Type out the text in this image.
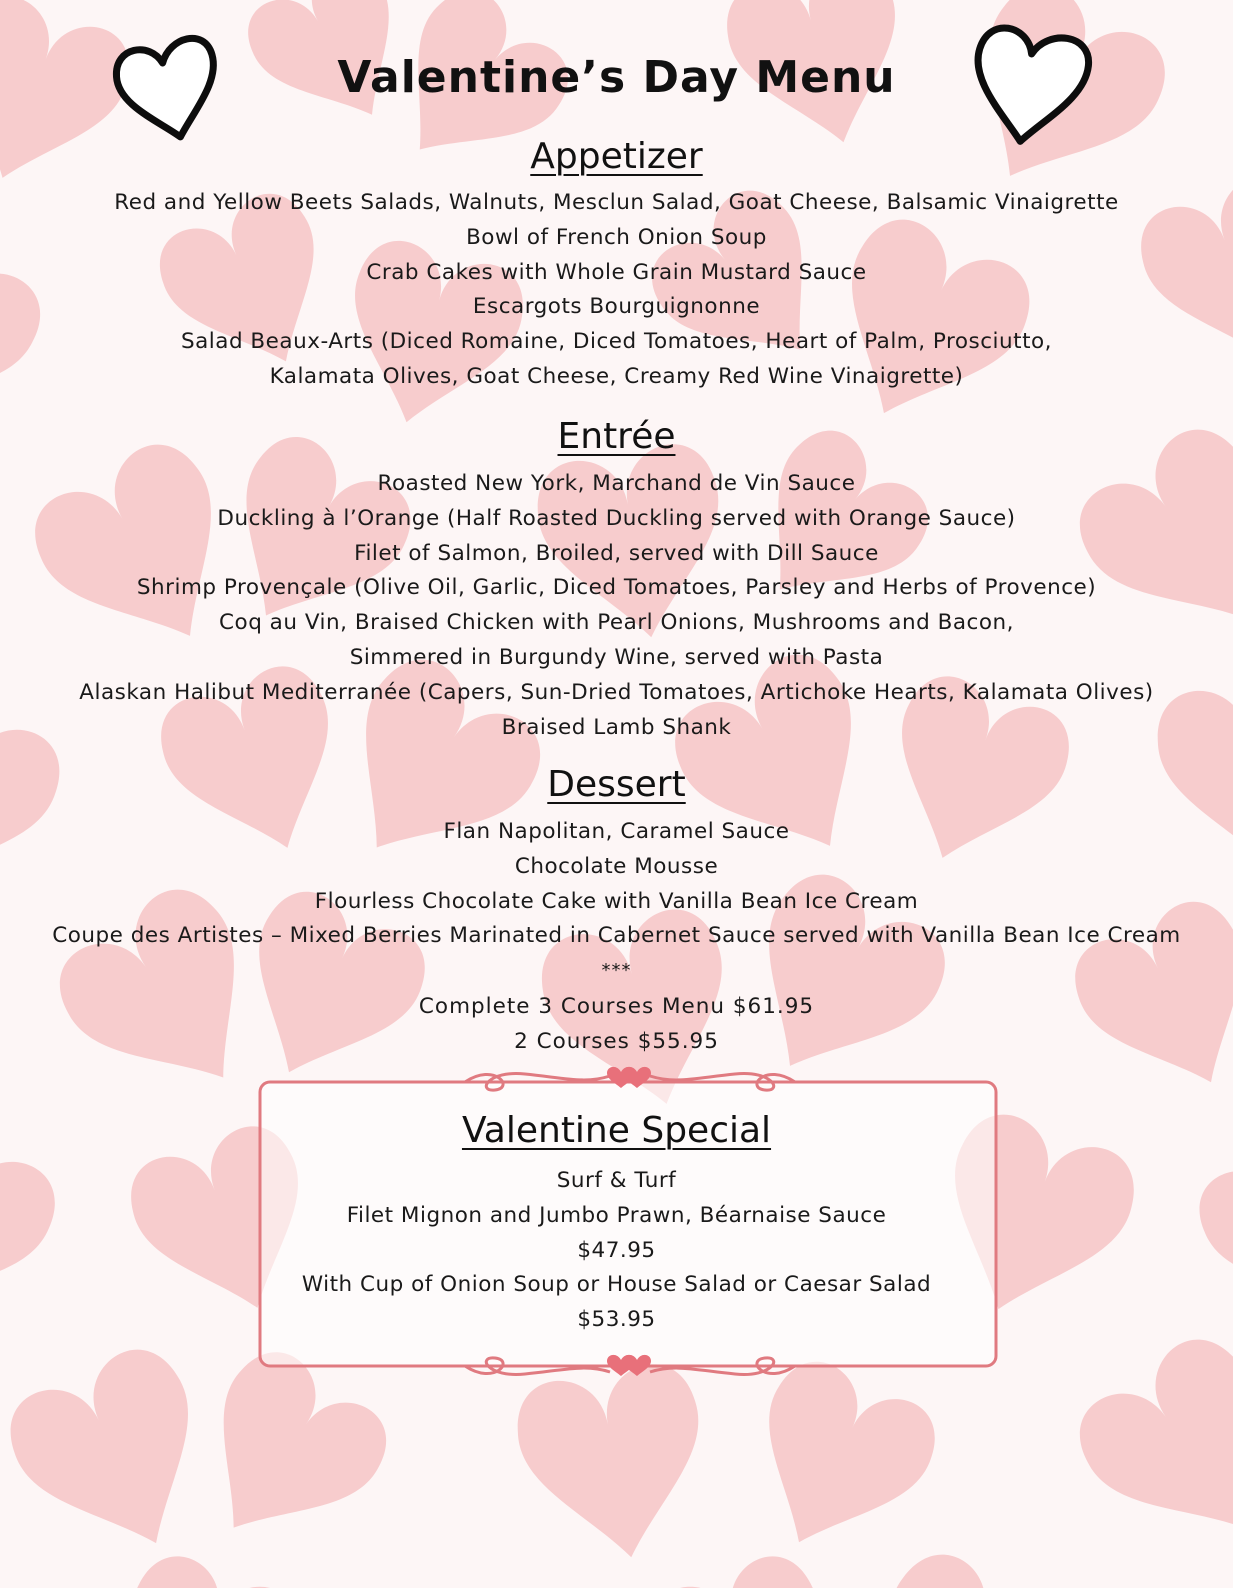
Valentine’s Day Menu
Appetizer
Red and Yellow Beets Salads, Walnuts, Mesclun Salad, Goat Cheese, Balsamic Vinaigrette
Bowl of French Onion Soup
Crab Cakes with Whole Grain Mustard Sauce
Escargots Bourguignonne
Salad Beaux-Arts (Diced Romaine, Diced Tomatoes, Heart of Palm, Prosciutto,
Kalamata Olives, Goat Cheese, Creamy Red Wine Vinaigrette)
Entrée
Roasted New York, Marchand de Vin Sauce
Duckling à l’Orange (Half Roasted Duckling served with Orange Sauce)
Filet of Salmon, Broiled, served with Dill Sauce
Shrimp Provençale (Olive Oil, Garlic, Diced Tomatoes, Parsley and Herbs of Provence)
Coq au Vin, Braised Chicken with Pearl Onions, Mushrooms and Bacon,
Simmered in Burgundy Wine, served with Pasta
Alaskan Halibut Mediterranée (Capers, Sun-Dried Tomatoes, Artichoke Hearts, Kalamata Olives)
Braised Lamb Shank
Dessert
Flan Napolitan, Caramel Sauce
Chocolate Mousse
Flourless Chocolate Cake with Vanilla Bean Ice Cream
Coupe des Artistes – Mixed Berries Marinated in Cabernet Sauce served with Vanilla Bean Ice Cream
***
Complete 3 Courses Menu $61.95
2 Courses $55.95
Valentine Special
Surf & Turf
Filet Mignon and Jumbo Prawn, Béarnaise Sauce
$47.95
With Cup of Onion Soup or House Salad or Caesar Salad
$53.95
